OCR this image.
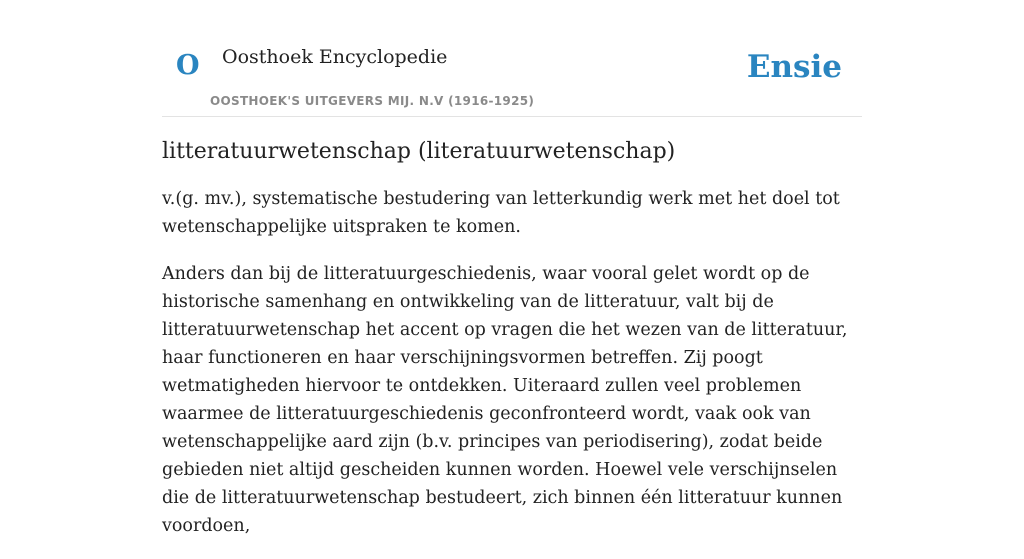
O Oosthoek Encyclopedie
OOSTHOEK'S UITGEVERS MIJ. N.V (1916-1925)
Ensie
litteratuurwetenschap (literatuurwetenschap)

v.(g. mv.), systematische bestudering van letterkundig werk met het doel tot wetenschappelijke uitspraken te komen.

Anders dan bij de litteratuurgeschiedenis, waar vooral gelet wordt op de historische samenhang en ontwikkeling van de litteratuur, valt bij de litteratuurwetenschap het accent op vragen die het wezen van de litteratuur, haar functioneren en haar verschijningsvormen betreffen. Zij poogt wetmatigheden hiervoor te ontdekken. Uiteraard zullen veel problemen waarmee de litteratuurgeschiedenis geconfronteerd wordt, vaak ook van wetenschappelijke aard zijn (b.v. principes van periodisering), zodat beide gebieden niet altijd gescheiden kunnen worden. Hoewel vele verschijnselen die de litteratuurwetenschap bestudeert, zich binnen één litteratuur kunnen voordoen,
